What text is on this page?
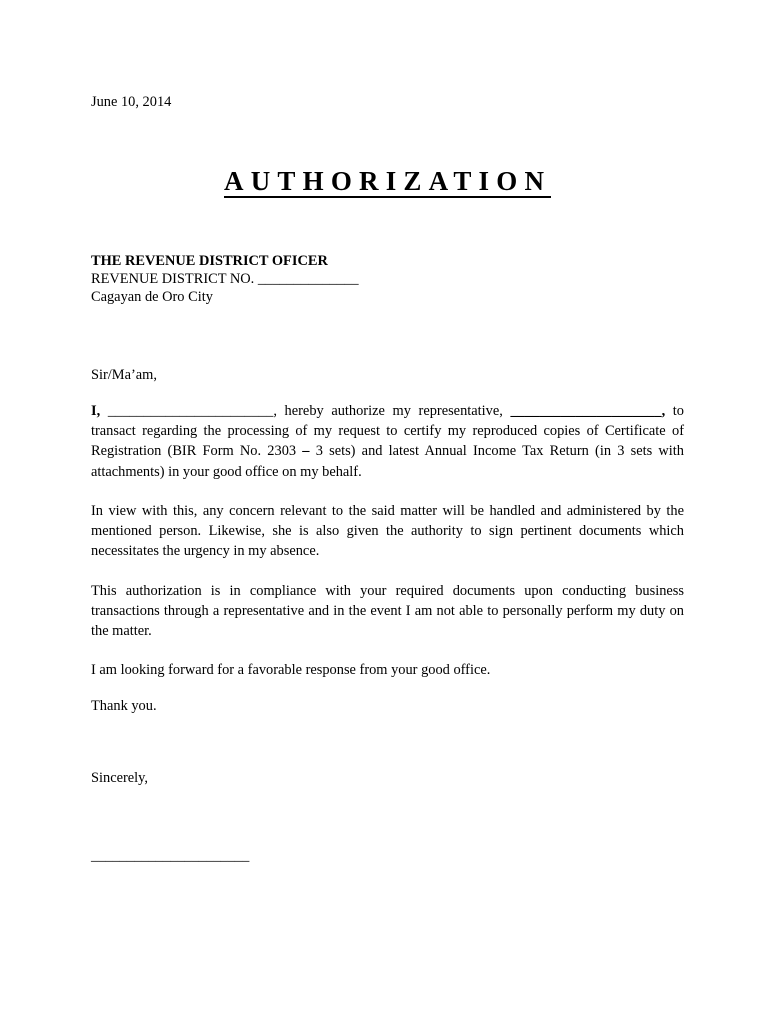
June 10, 2014
AUTHORIZATION
THE REVENUE DISTRICT OFICER
REVENUE DISTRICT NO. ______________
Cagayan de Oro City
Sir/Ma’am,
I, _______________________, hereby authorize my representative, _____________________, to transact regarding the processing of my request to certify my reproduced copies of Certificate of Registration (BIR Form No. 2303 – 3 sets) and latest Annual Income Tax Return (in 3 sets with attachments) in your good office on my behalf.
In view with this, any concern relevant to the said matter will be handled and administered by the mentioned person. Likewise, she is also given the authority to sign pertinent documents which necessitates the urgency in my absence.
This authorization is in compliance with your required documents upon conducting business transactions through a representative and in the event I am not able to personally perform my duty on the matter.
I am looking forward for a favorable response from your good office.
Thank you.
Sincerely,
______________________
